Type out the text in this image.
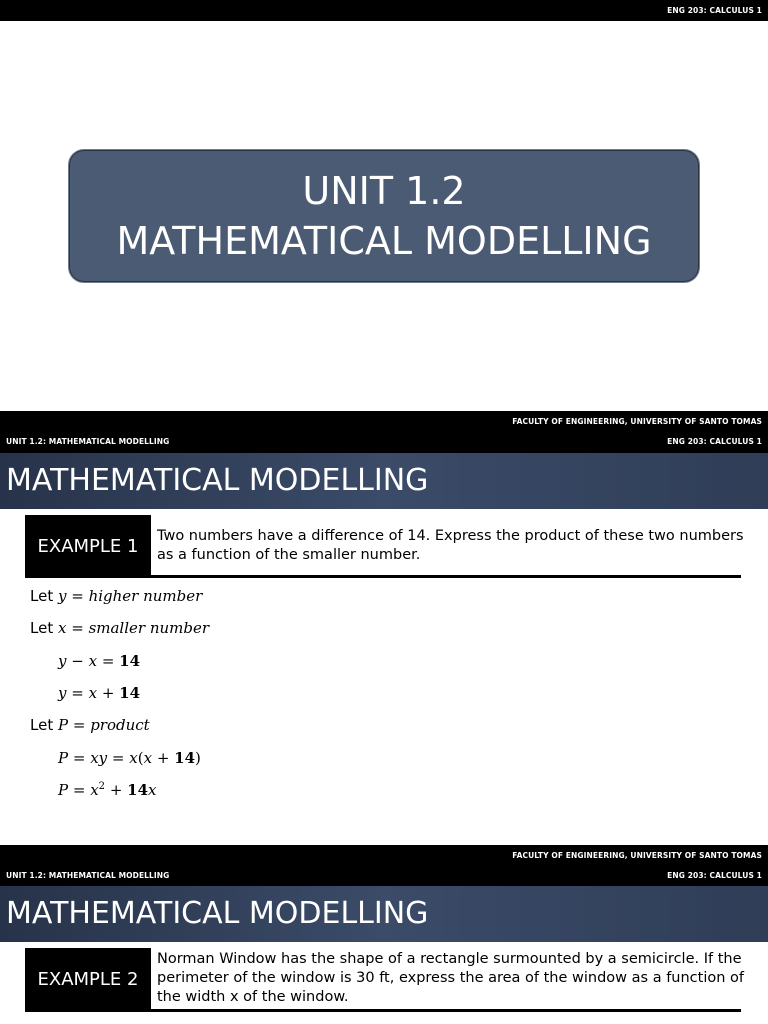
ENG 203: CALCULUS 1
UNIT 1.2
MATHEMATICAL MODELLING
FACULTY OF ENGINEERING, UNIVERSITY OF SANTO TOMAS
UNIT 1.2: MATHEMATICAL MODELLING	ENG 203: CALCULUS 1
MATHEMATICAL MODELLING
EXAMPLE 1	Two numbers have a difference of 14. Express the product of these two numbers as a function of the smaller number.
Let y = higher number
Let x = smaller number
y − x = 14
y = x + 14
Let P = product
P = xy = x(x + 14)
$P = x^2 + 14x$
FACULTY OF ENGINEERING, UNIVERSITY OF SANTO TOMAS
UNIT 1.2: MATHEMATICAL MODELLING	ENG 203: CALCULUS 1
MATHEMATICAL MODELLING
EXAMPLE 2
Norman Window has the shape of a rectangle surmounted by a semicircle. If the perimeter of the window is 30 ft, express the area of the window as a function of the width x of the window.
